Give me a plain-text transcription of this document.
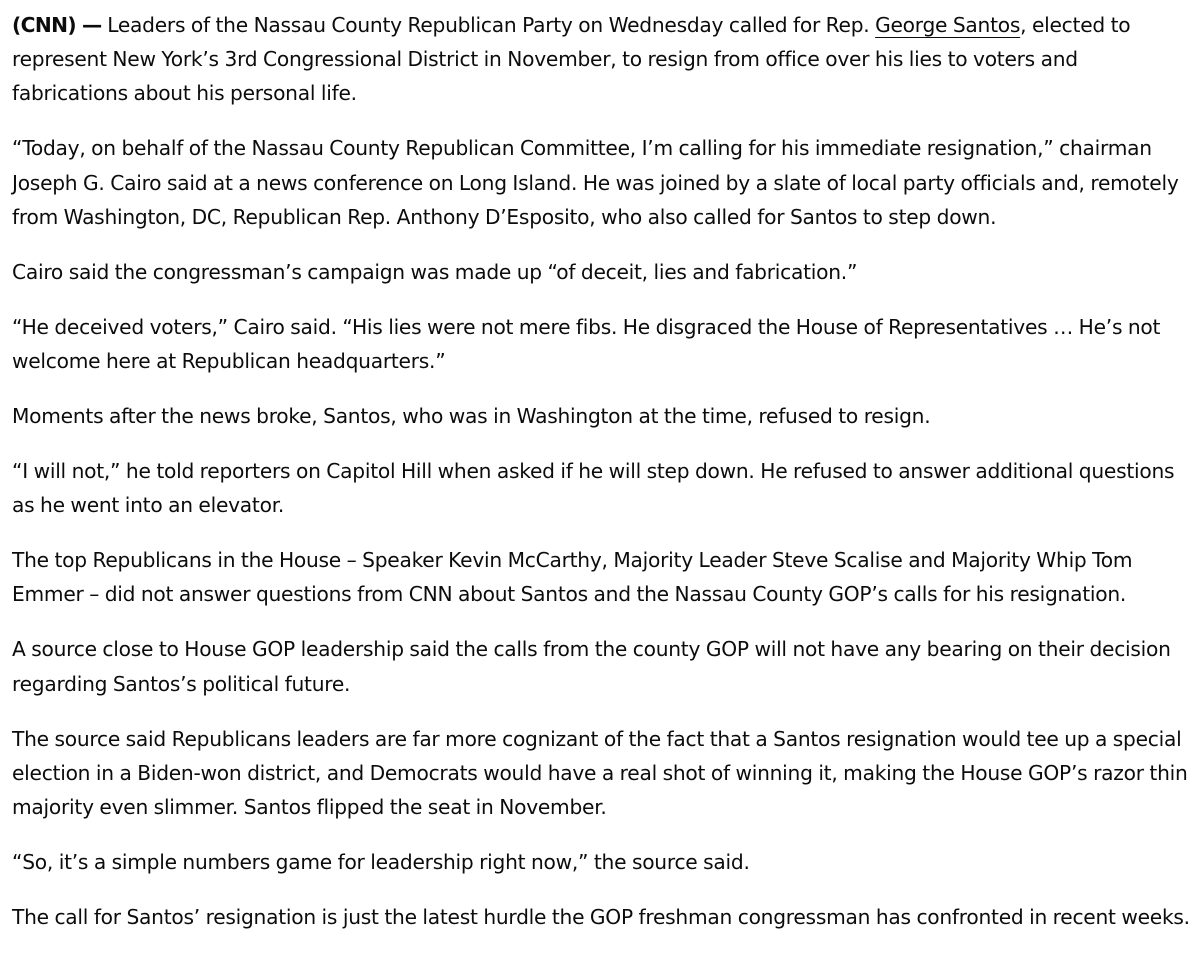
(CNN) — Leaders of the Nassau County Republican Party on Wednesday called for Rep. George Santos, elected to represent New York’s 3rd Congressional District in November, to resign from office over his lies to voters and fabrications about his personal life.

“Today, on behalf of the Nassau County Republican Committee, I’m calling for his immediate resignation,” chairman Joseph G. Cairo said at a news conference on Long Island. He was joined by a slate of local party officials and, remotely from Washington, DC, Republican Rep. Anthony D’Esposito, who also called for Santos to step down.

Cairo said the congressman’s campaign was made up “of deceit, lies and fabrication.”

“He deceived voters,” Cairo said. “His lies were not mere fibs. He disgraced the House of Representatives … He’s not welcome here at Republican headquarters.”

Moments after the news broke, Santos, who was in Washington at the time, refused to resign.

“I will not,” he told reporters on Capitol Hill when asked if he will step down. He refused to answer additional questions as he went into an elevator.

The top Republicans in the House – Speaker Kevin McCarthy, Majority Leader Steve Scalise and Majority Whip Tom Emmer – did not answer questions from CNN about Santos and the Nassau County GOP’s calls for his resignation.

A source close to House GOP leadership said the calls from the county GOP will not have any bearing on their decision regarding Santos’s political future.

The source said Republicans leaders are far more cognizant of the fact that a Santos resignation would tee up a special election in a Biden-won district, and Democrats would have a real shot of winning it, making the House GOP’s razor thin majority even slimmer. Santos flipped the seat in November.

“So, it’s a simple numbers game for leadership right now,” the source said.

The call for Santos’ resignation is just the latest hurdle the GOP freshman congressman has confronted in recent weeks.
